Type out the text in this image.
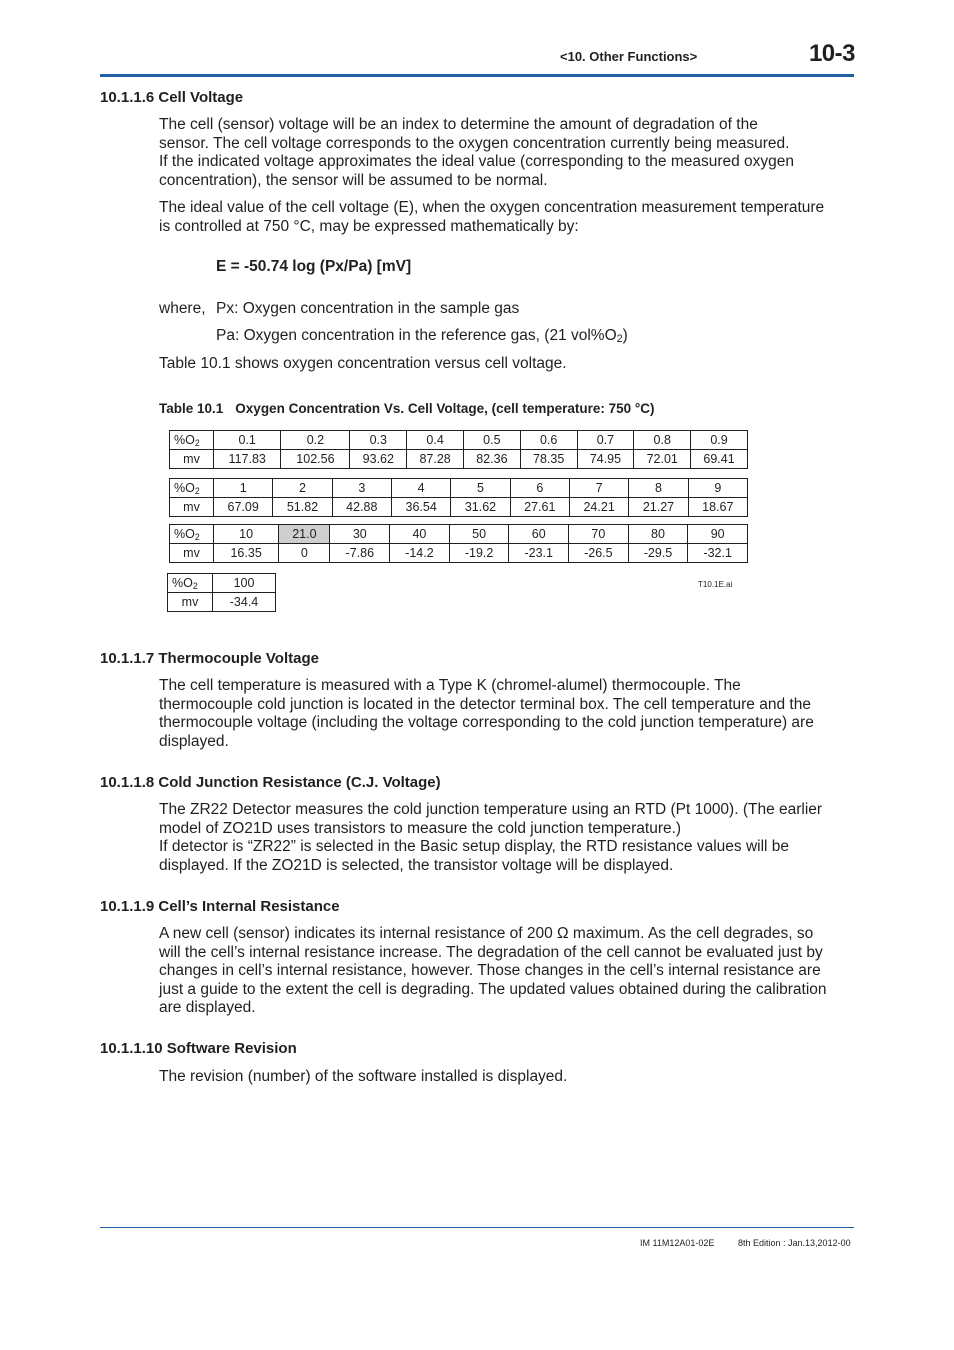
<10. Other Functions>	10-3
10.1.1.6 Cell Voltage
The cell (sensor) voltage will be an index to determine the amount of degradation of the
sensor. The cell voltage corresponds to the oxygen concentration currently being measured.
If the indicated voltage approximates the ideal value (corresponding to the measured oxygen
concentration), the sensor will be assumed to be normal.
The ideal value of the cell voltage (E), when the oxygen concentration measurement temperature
is controlled at 750 °C, may be expressed mathematically by:
E = -50.74 log (Px/Pa) [mV]
where, Px: Oxygen concentration in the sample gas
Pa: Oxygen concentration in the reference gas, (21 $vol\%O_2$)
Table 10.1 shows oxygen concentration versus cell voltage.
Table 10.1 Oxygen Concentration Vs. Cell Voltage, (cell temperature: 750 °C)
$\%O_2$	0.1	0.2	0.3	0.4	0.5	0.6	0.7	0.8	0.9
mv	117.83	102.56	93.62	87.28	82.36	78.35	74.95	72.01	69.41
$\%O_2$	1	2	3	4	5	6	7	8	9
mv	67.09	51.82	42.88	36.54	31.62	27.61	24.21	21.27	18.67
$\%O_2$	10	21.0	30	40	50	60	70	80	90
mv	16.35	0	-7.86	-14.2	-19.2	-23.1	-26.5	-29.5	-32.1
$\%O_2$	100
mv	-34.4
T10.1E.ai
10.1.1.7 Thermocouple Voltage
The cell temperature is measured with a Type K (chromel-alumel) thermocouple. The
thermocouple cold junction is located in the detector terminal box. The cell temperature and the
thermocouple voltage (including the voltage corresponding to the cold junction temperature) are
displayed.
10.1.1.8 Cold Junction Resistance (C.J. Voltage)
The ZR22 Detector measures the cold junction temperature using an RTD (Pt 1000). (The earlier
model of ZO21D uses transistors to measure the cold junction temperature.)
If detector is “ZR22” is selected in the Basic setup display, the RTD resistance values will be
displayed. If the ZO21D is selected, the transistor voltage will be displayed.
10.1.1.9 Cell’s Internal Resistance
A new cell (sensor) indicates its internal resistance of 200 Ω maximum. As the cell degrades, so
will the cell’s internal resistance increase. The degradation of the cell cannot be evaluated just by
changes in cell’s internal resistance, however. Those changes in the cell’s internal resistance are
just a guide to the extent the cell is degrading. The updated values obtained during the calibration
are displayed.
10.1.1.10 Software Revision
The revision (number) of the software installed is displayed.
IM 11M12A01-02E	8th Edition : Jan.13,2012-00
